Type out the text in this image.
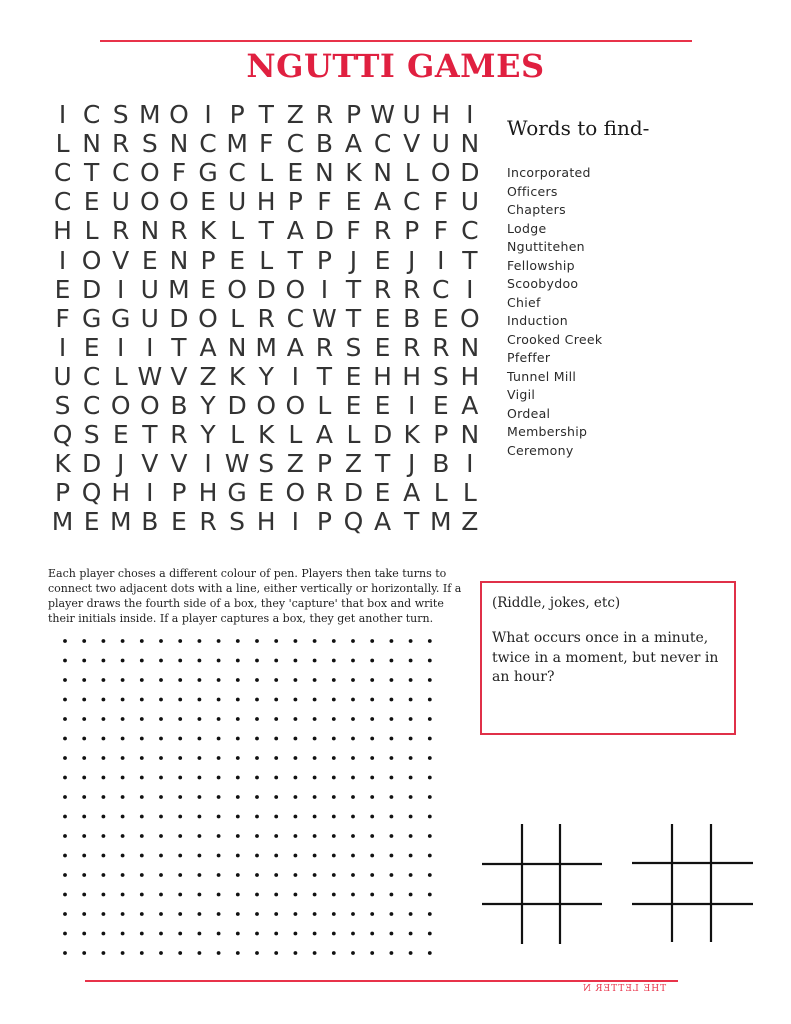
NGUTTI GAMES
I C S M O I P T Z R P W U H I
L N R S N C M F C B A C V U N
C T C O F G C L E N K N L O D
C E U O O E U H P F E A C F U
H L R N R K L T A D F R P F C
I O V E N P E L T P J E J I T
E D I U M E O D O I T R R C I
F G G U D O L R C W T E B E O
I E I I T A N M A R S E R R N
U C L W V Z K Y I T E H H S H
S C O O B Y D O O L E E I E A
Q S E T R Y L K L A L D K P N
K D J V V I W S Z P Z T J B I
P Q H I P H G E O R D E A L L
M E M B E R S H I P Q A T M Z
Words to find-
Incorporated
Officers
Chapters
Lodge
Nguttitehen
Fellowship
Scoobydoo
Chief
Induction
Crooked Creek
Pfeffer
Tunnel Mill
Vigil
Ordeal
Membership
Ceremony

Each player choses a different colour of pen. Players then take turns to connect two adjacent dots with a line, either vertically or horizontally. If a player draws the fourth side of a box, they 'capture' that box and write their initials inside. If a player captures a box, they get another turn.

(Riddle, jokes, etc)
What occurs once in a minute, twice in a moment, but never in an hour?
THE LETTER N
